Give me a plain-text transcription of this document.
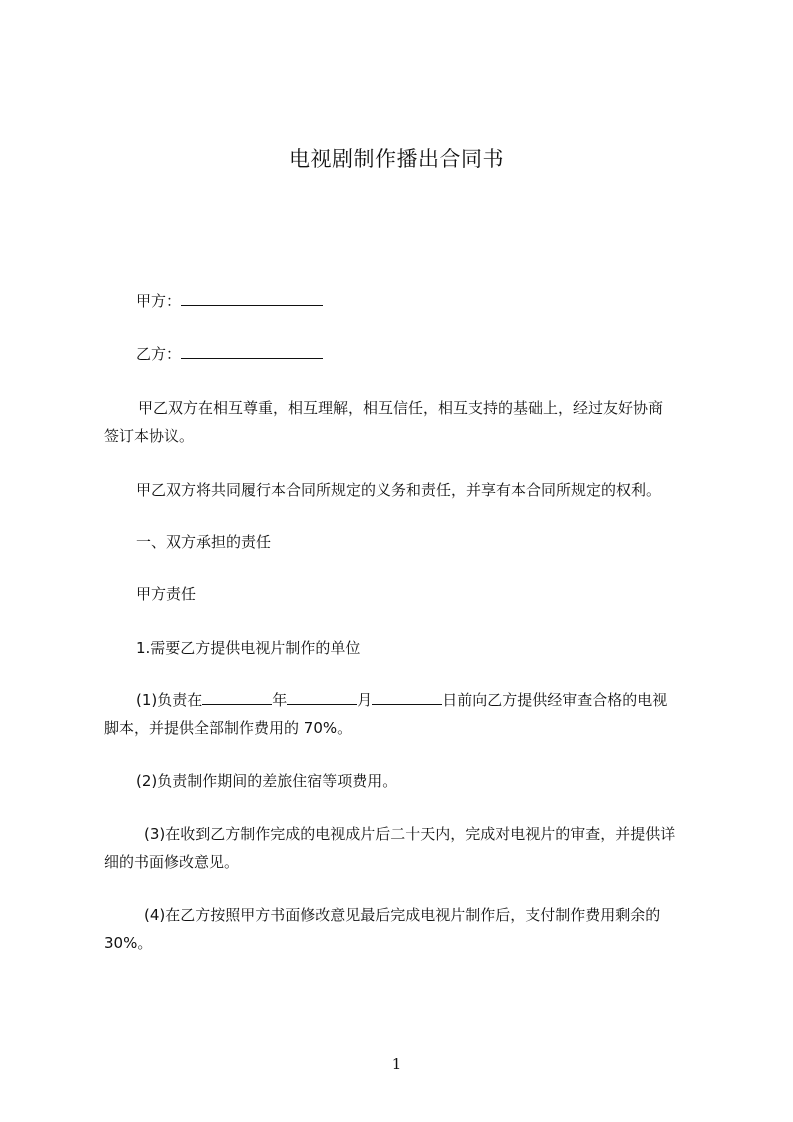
电视剧制作播出合同书
甲方：
乙方：
甲乙双方在相互尊重，相互理解，相互信任，相互支持的基础上，经过友好协商
签订本协议。
甲乙双方将共同履行本合同所规定的义务和责任，并享有本合同所规定的权利。
一、双方承担的责任
甲方责任
1.需要乙方提供电视片制作的单位
(1)负责在	年	月	日前向乙方提供经审查合格的电视
脚本，并提供全部制作费用的 70%。
(2)负责制作期间的差旅住宿等项费用。
(3)在收到乙方制作完成的电视成片后二十天内，完成对电视片的审查，并提供详
细的书面修改意见。
(4)在乙方按照甲方书面修改意见最后完成电视片制作后，支付制作费用剩余的
30%。
1
